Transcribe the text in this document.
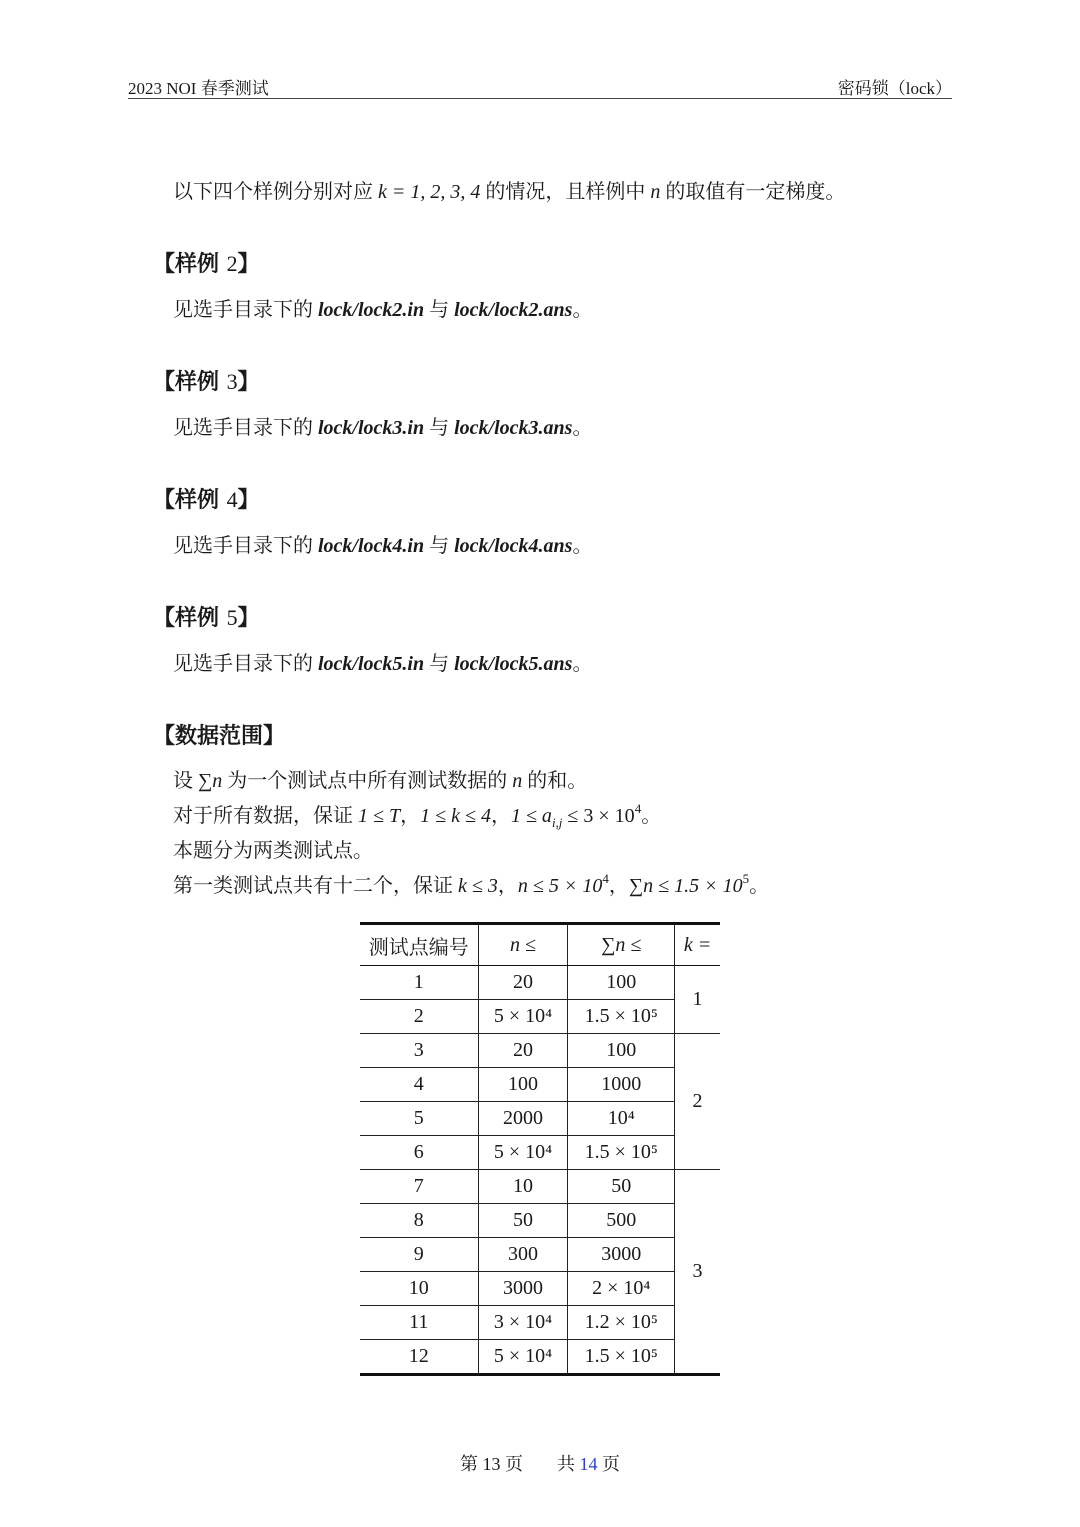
2023 NOI 春季测试	密码锁（lock）
以下四个样例分别对应 k = 1, 2, 3, 4 的情况，且样例中 n 的取值有一定梯度。
【样例 2】
见选手目录下的 lock/lock2.in 与 lock/lock2.ans。
【样例 3】
见选手目录下的 lock/lock3.in 与 lock/lock3.ans。
【样例 4】
见选手目录下的 lock/lock4.in 与 lock/lock4.ans。
【样例 5】
见选手目录下的 lock/lock5.in 与 lock/lock5.ans。
【数据范围】
设 ∑n 为一个测试点中所有测试数据的 n 的和。
对于所有数据，保证 1 ≤ T，1 ≤ k ≤ 4，$1 \le a_{i,j} \le 3 \times 10^4$。
本题分为两类测试点。
第一类测试点共有十二个，保证 k ≤ 3，$n \le 5 \times 10^4$，$\sum n \le 1.5 \times 10^5$。
测试点编号	n ≤	∑n ≤	k =
1	20	100	1
2	5 × 10⁴	1.5 × 10⁵	
3	20	100	2
4	100	1000	
5	2000	10⁴	
6	5 × 10⁴	1.5 × 10⁵	
7	10	50	3
8	50	500	
9	300	3000	
10	3000	2 × 10⁴	
11	3 × 10⁴	1.2 × 10⁵	
12	5 × 10⁴	1.5 × 10⁵	
第 13 页 共 14 页
